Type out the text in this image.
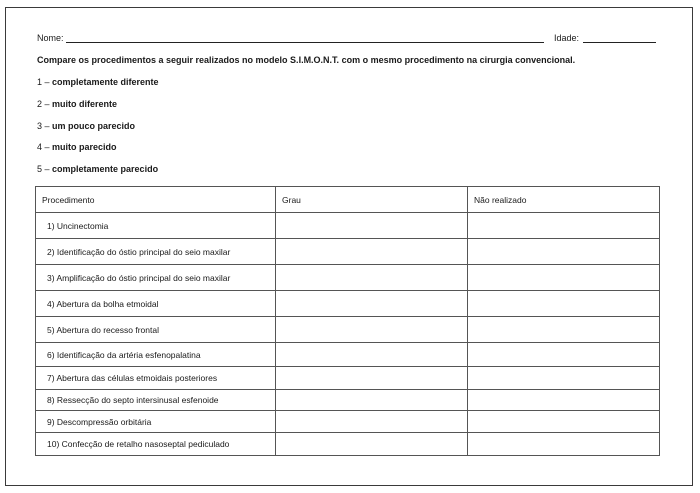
Nome:	Idade:
Compare os procedimentos a seguir realizados no modelo S.I.M.O.N.T. com o mesmo procedimento na cirurgia convencional.
1 – completamente diferente
2 – muito diferente
3 – um pouco parecido
4 – muito parecido
5 – completamente parecido
Procedimento	Grau	Não realizado
1) Uncinectomia		
2) Identificação do óstio principal do seio maxilar		
3) Amplificação do óstio principal do seio maxilar		
4) Abertura da bolha etmoidal		
5) Abertura do recesso frontal		
6) Identificação da artéria esfenopalatina		
7) Abertura das células etmoidais posteriores		
8) Ressecção do septo intersinusal esfenoide		
9) Descompressão orbitária		
10) Confecção de retalho nasoseptal pediculado		
